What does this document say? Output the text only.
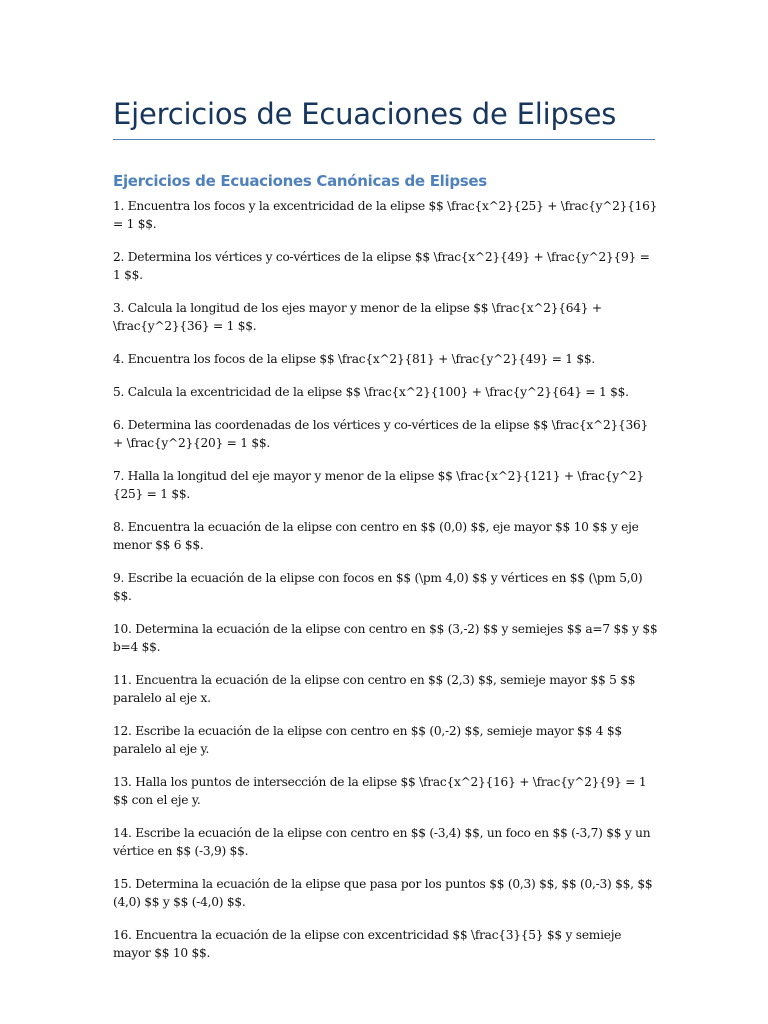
Ejercicios de Ecuaciones de Elipses
Ejercicios de Ecuaciones Canónicas de Elipses
1. Encuentra los focos y la excentricidad de la elipse $$ \frac{x^2}{25} + \frac{y^2}{16} = 1 $$.
2. Determina los vértices y co-vértices de la elipse $$ \frac{x^2}{49} + \frac{y^2}{9} = 1 $$.
3. Calcula la longitud de los ejes mayor y menor de la elipse $$ \frac{x^2}{64} + \frac{y^2}{36} = 1 $$.
4. Encuentra los focos de la elipse $$ \frac{x^2}{81} + \frac{y^2}{49} = 1 $$.
5. Calcula la excentricidad de la elipse $$ \frac{x^2}{100} + \frac{y^2}{64} = 1 $$.
6. Determina las coordenadas de los vértices y co-vértices de la elipse $$ \frac{x^2}{36} + \frac{y^2}{20} = 1 $$.
7. Halla la longitud del eje mayor y menor de la elipse $$ \frac{x^2}{121} + \frac{y^2}{25} = 1 $$.
8. Encuentra la ecuación de la elipse con centro en $$ (0,0) $$, eje mayor $$ 10 $$ y eje menor $$ 6 $$.
9. Escribe la ecuación de la elipse con focos en $$ (\pm 4,0) $$ y vértices en $$ (\pm 5,0) $$.
10. Determina la ecuación de la elipse con centro en $$ (3,-2) $$ y semiejes $$ a=7 $$ y $$ b=4 $$.
11. Encuentra la ecuación de la elipse con centro en $$ (2,3) $$, semieje mayor $$ 5 $$ paralelo al eje x.
12. Escribe la ecuación de la elipse con centro en $$ (0,-2) $$, semieje mayor $$ 4 $$ paralelo al eje y.
13. Halla los puntos de intersección de la elipse $$ \frac{x^2}{16} + \frac{y^2}{9} = 1 $$ con el eje y.
14. Escribe la ecuación de la elipse con centro en $$ (-3,4) $$, un foco en $$ (-3,7) $$ y un vértice en $$ (-3,9) $$.
15. Determina la ecuación de la elipse que pasa por los puntos $$ (0,3) $$, $$ (0,-3) $$, $$ (4,0) $$ y $$ (-4,0) $$.
16. Encuentra la ecuación de la elipse con excentricidad $$ \frac{3}{5} $$ y semieje mayor $$ 10 $$.
